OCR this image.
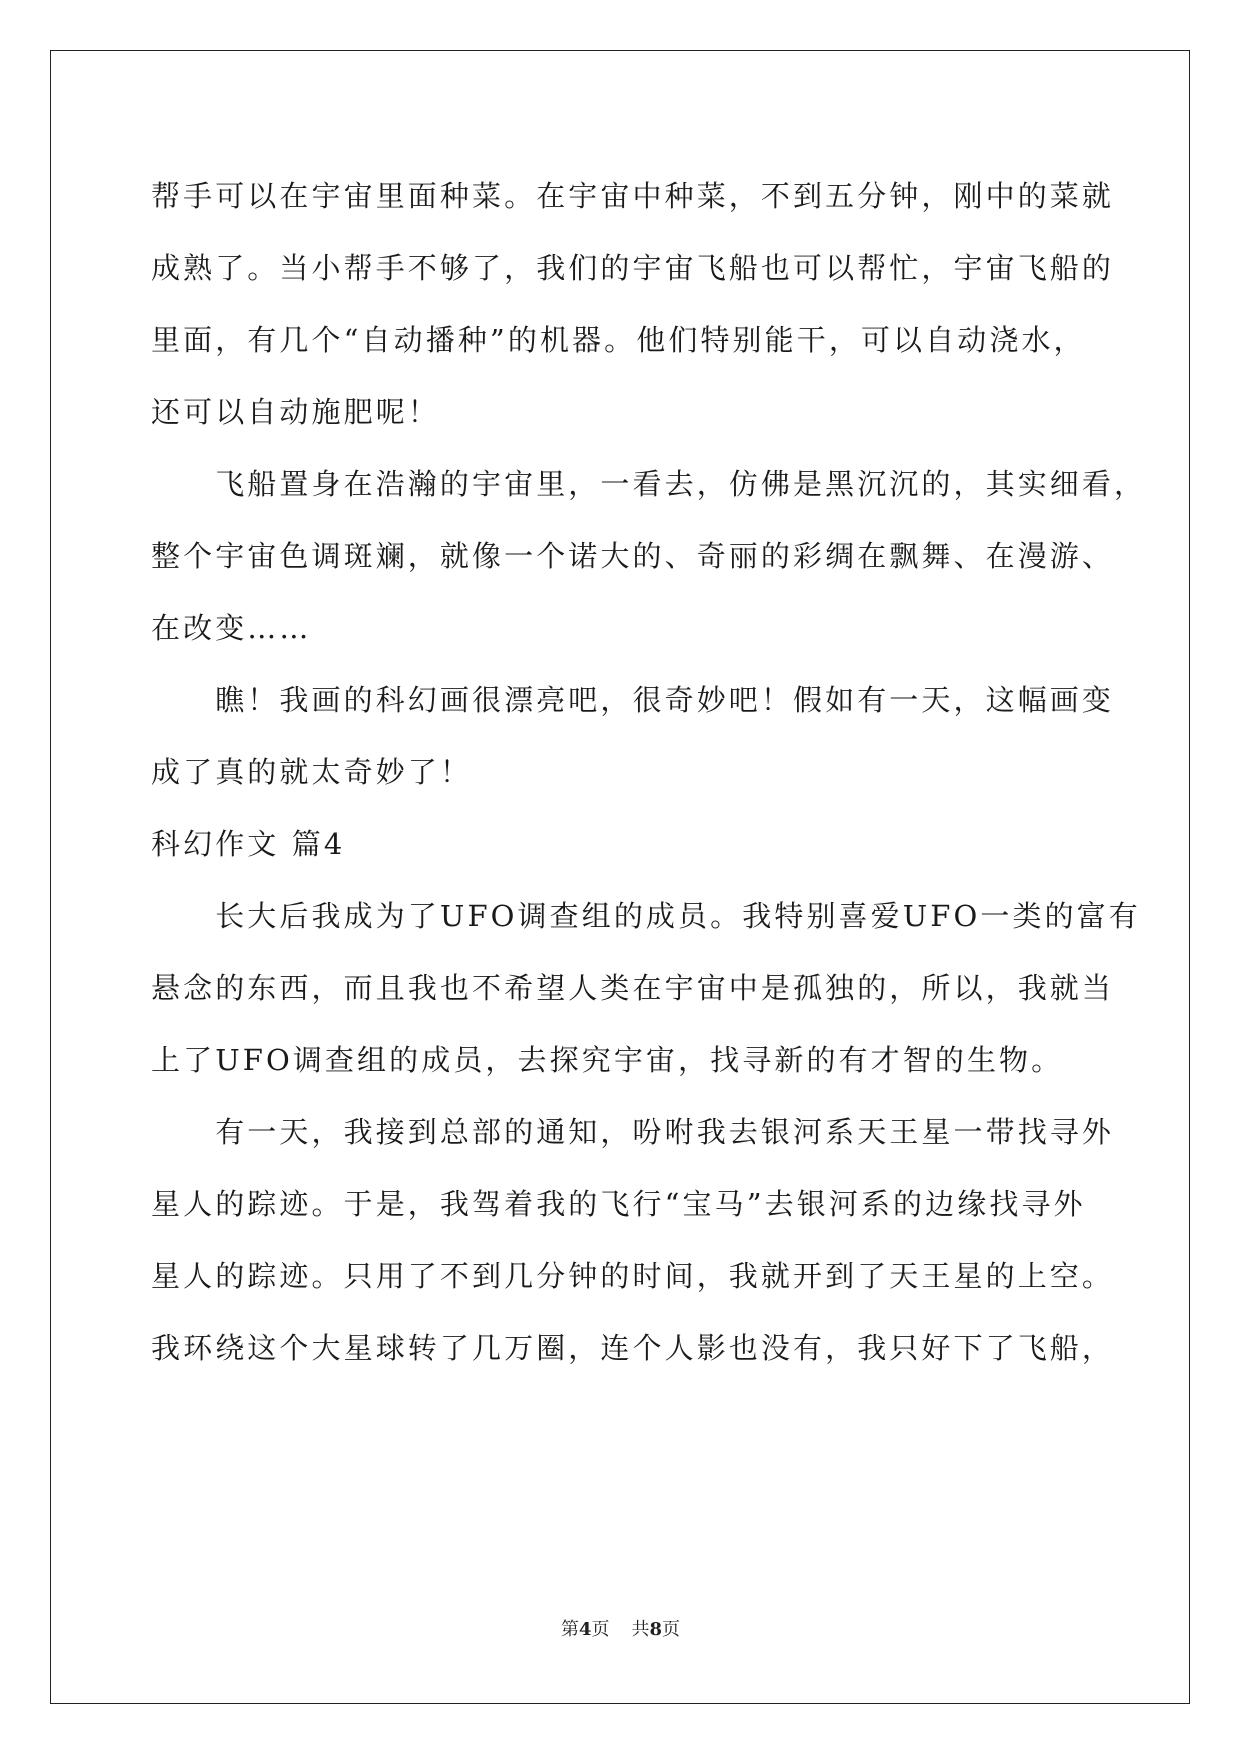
帮手可以在宇宙里面种菜。在宇宙中种菜，不到五分钟，刚中的菜就
成熟了。当小帮手不够了，我们的宇宙飞船也可以帮忙，宇宙飞船的
里面，有几个“自动播种”的机器。他们特别能干，可以自动浇水，
还可以自动施肥呢！
　　飞船置身在浩瀚的宇宙里，一看去，仿佛是黑沉沉的，其实细看，
整个宇宙色调斑斓，就像一个诺大的、奇丽的彩绸在飘舞、在漫游、
在改变……
　　瞧！我画的科幻画很漂亮吧，很奇妙吧！假如有一天，这幅画变
成了真的就太奇妙了！
科幻作文 篇4
　　长大后我成为了UFO调查组的成员。我特别喜爱UFO一类的富有
悬念的东西，而且我也不希望人类在宇宙中是孤独的，所以，我就当
上了UFO调查组的成员，去探究宇宙，找寻新的有才智的生物。
　　有一天，我接到总部的通知，吩咐我去银河系天王星一带找寻外
星人的踪迹。于是，我驾着我的飞行“宝马”去银河系的边缘找寻外
星人的踪迹。只用了不到几分钟的时间，我就开到了天王星的上空。
我环绕这个大星球转了几万圈，连个人影也没有，我只好下了飞船，
第4页 共8页
